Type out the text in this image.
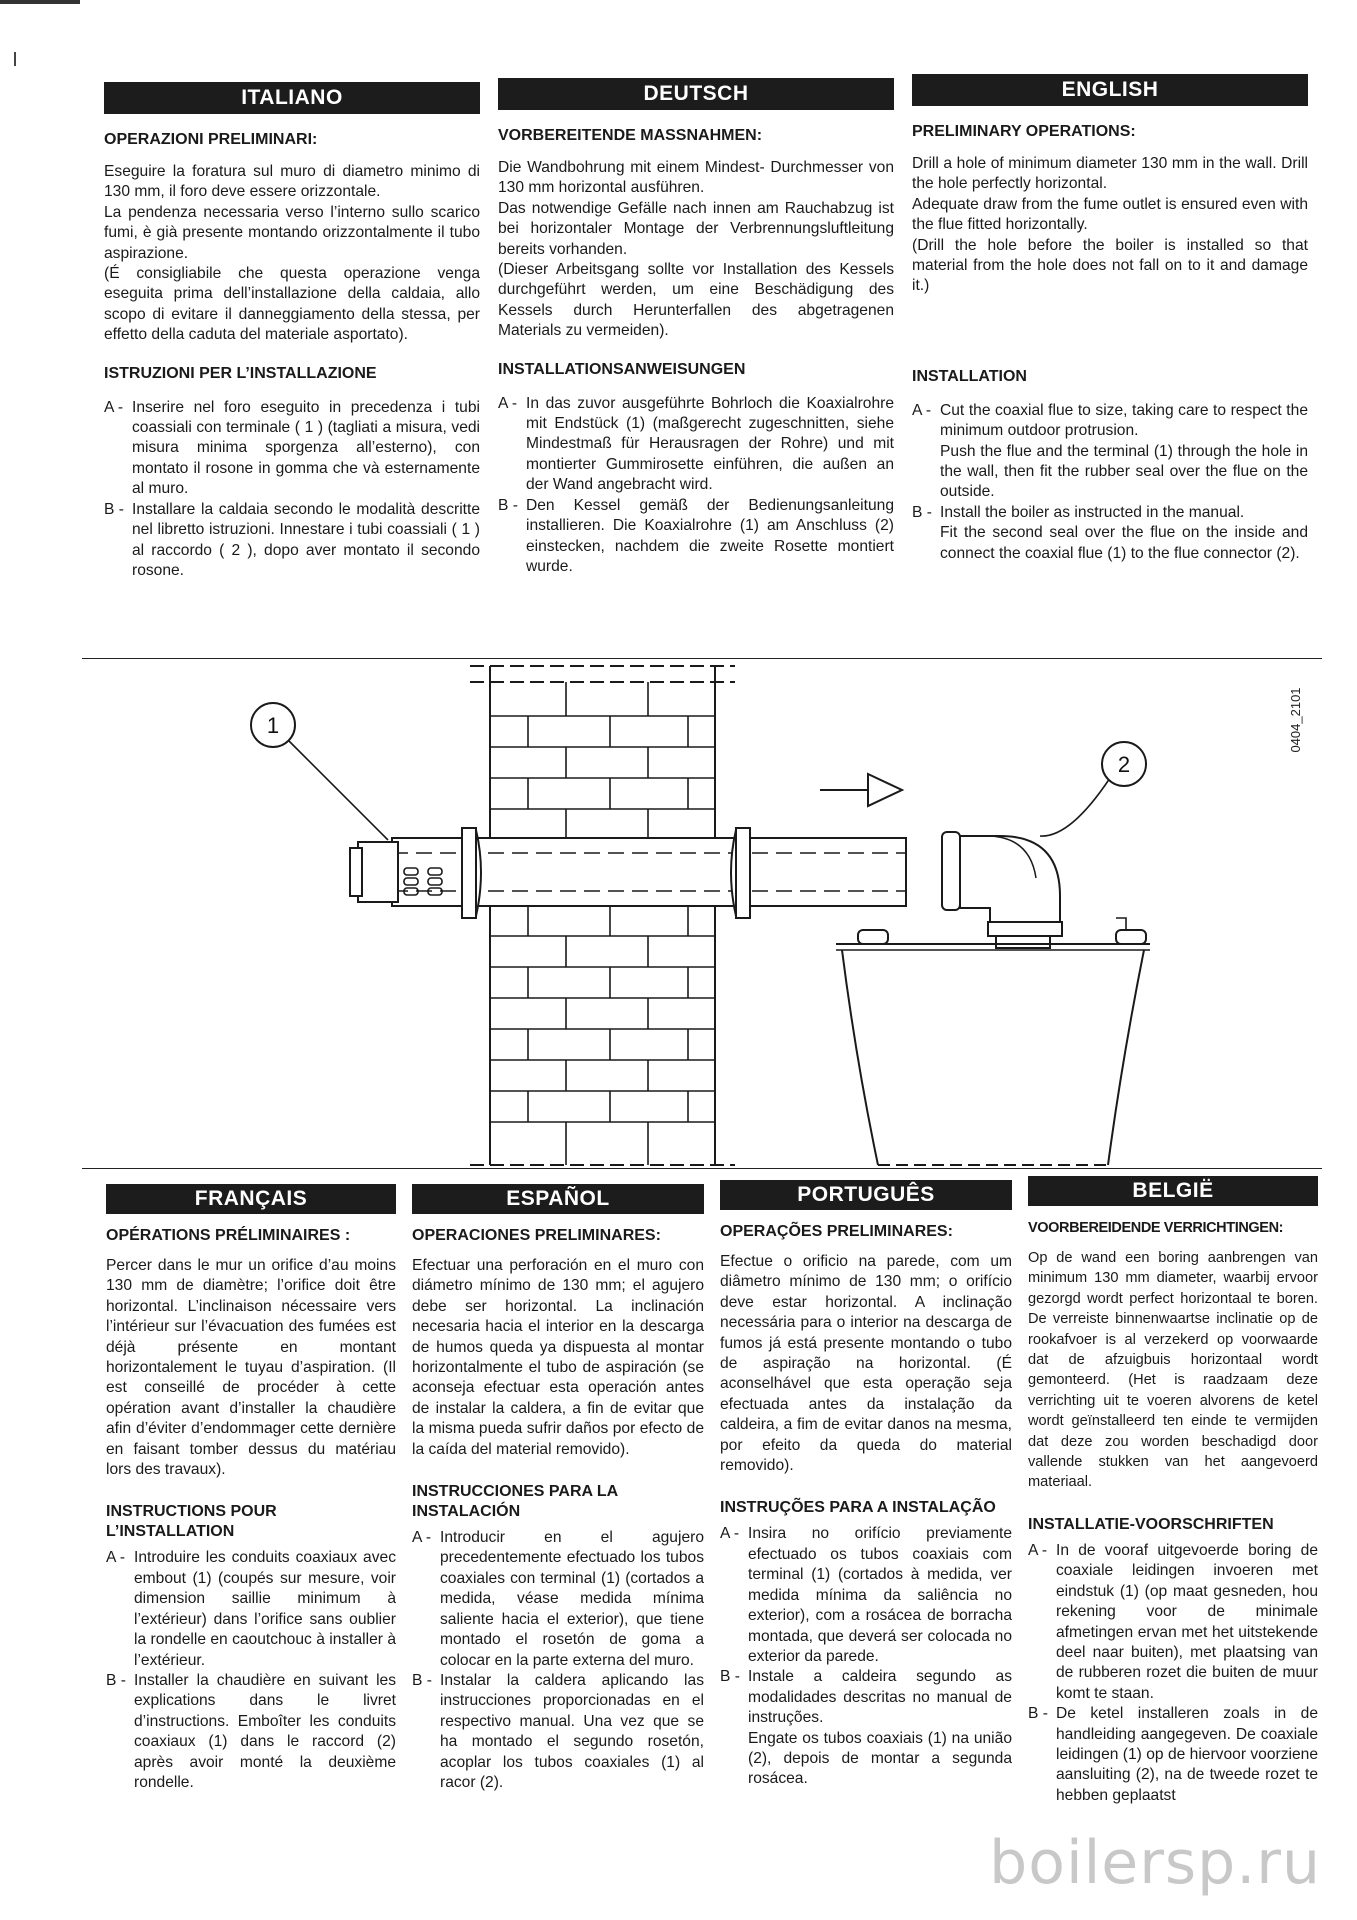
ITALIANO
OPERAZIONI PRELIMINARI:

Eseguire la foratura sul muro di diametro minimo di 130 mm, il foro deve essere orizzontale.
La pendenza necessaria verso l’interno sullo scarico fumi, è già presente montando orizzontalmente il tubo aspirazione.
(É consigliabile che questa operazione venga eseguita prima dell’installazione della caldaia, allo scopo di evitare il danneggiamento della stessa, per effetto della caduta del materiale asportato).

ISTRUZIONI PER L’INSTALLAZIONE
A - Inserire nel foro eseguito in precedenza i tubi coassiali con terminale ( 1 ) (tagliati a misura, vedi misura minima sporgenza all’esterno), con montato il rosone in gomma che và esternamente al muro.
B - Installare la caldaia secondo le modalità descritte nel libretto istruzioni. Innestare i tubi coassiali ( 1 ) al raccordo ( 2 ), dopo aver montato il secondo rosone.
DEUTSCH
VORBEREITENDE MASSNAHMEN:

Die Wandbohrung mit einem Mindest- Durchmesser von 130 mm horizontal ausführen.
Das notwendige Gefälle nach innen am Rauchabzug ist bei horizontaler Montage der Verbrennungsluftleitung bereits vorhanden.
(Dieser Arbeitsgang sollte vor Installation des Kessels durchgeführt werden, um eine Beschädigung des Kessels durch Herunterfallen des abgetragenen Materials zu vermeiden).

INSTALLATIONSANWEISUNGEN
A - In das zuvor ausgeführte Bohrloch die Koaxialrohre mit Endstück (1) (maßgerecht zugeschnitten, siehe Mindestmaß für Herausragen der Rohre) und mit montierter Gummirosette einführen, die außen an der Wand angebracht wird.
B - Den Kessel gemäß der Bedienungsanleitung installieren. Die Koaxialrohre (1) am Anschluss (2) einstecken, nachdem die zweite Rosette montiert wurde.
ENGLISH
PRELIMINARY OPERATIONS:

Drill a hole of minimum diameter 130 mm in the wall. Drill the hole perfectly horizontal.
Adequate draw from the fume outlet is ensured even with the flue fitted horizontally.
(Drill the hole before the boiler is installed so that material from the hole does not fall on to it and damage it.)

INSTALLATION
A - Cut the coaxial flue to size, taking care to respect the minimum outdoor protrusion.
Push the flue and the terminal (1) through the hole in the wall, then fit the rubber seal over the flue on the outside.
B - Install the boiler as instructed in the manual.
Fit the second seal over the flue on the inside and connect the coaxial flue (1) to the flue connector (2).
1
2
0404_2101
FRANÇAIS
OPÉRATIONS PRÉLIMINAIRES :

Percer dans le mur un orifice d’au moins 130 mm de diamètre; l’orifice doit être horizontal. L’inclinaison nécessaire vers l’intérieur sur l’évacuation des fumées est déjà présente en montant horizontalement le tuyau d’aspiration. (Il est conseillé de procéder à cette opération avant d’installer la chaudière afin d’éviter d’endommager cette dernière en faisant tomber dessus du matériau lors des travaux).

INSTRUCTIONS POUR L’INSTALLATION
A - Introduire les conduits coaxiaux avec embout (1) (coupés sur mesure, voir dimension saillie minimum à l’extérieur) dans l’orifice sans oublier la rondelle en caoutchouc à installer à l’extérieur.
B - Installer la chaudière en suivant les explications dans le livret d’instructions. Emboîter les conduits coaxiaux (1) dans le raccord (2) après avoir monté la deuxième rondelle.
ESPAÑOL
OPERACIONES PRELIMINARES:

Efectuar una perforación en el muro con diámetro mínimo de 130 mm; el agujero debe ser horizontal. La inclinación necesaria hacia el interior en la descarga de humos queda ya dispuesta al montar horizontalmente el tubo de aspiración (se aconseja efectuar esta operación antes de instalar la caldera, a fin de evitar que la misma pueda sufrir daños por efecto de la caída del material removido).

INSTRUCCIONES PARA LA INSTALACIÓN
A - Introducir en el agujero precedentemente efectuado los tubos coaxiales con terminal (1) (cortados a medida, véase medida mínima saliente hacia el exterior), que tiene montado el rosetón de goma a colocar en la parte externa del muro.
B - Instalar la caldera aplicando las instrucciones proporcionadas en el respectivo manual. Una vez que se ha montado el segundo rosetón, acoplar los tubos coaxiales (1) al racor (2).
PORTUGUÊS
OPERAÇÕES PRELIMINARES:

Efectue o orificio na parede, com um diâmetro mínimo de 130 mm; o orifício deve estar horizontal. A inclinação necessária para o interior na descarga de fumos já está presente montando o tubo de aspiração na horizontal. (É aconselhável que esta operação seja efectuada antes da instalação da caldeira, a fim de evitar danos na mesma, por efeito da queda do material removido).

INSTRUÇÕES PARA A INSTALAÇÃO
A - Insira no orifício previamente efectuado os tubos coaxiais com terminal (1) (cortados à medida, ver medida mínima da saliência no exterior), com a rosácea de borracha montada, que deverá ser colocada no exterior da parede.
B - Instale a caldeira segundo as modalidades descritas no manual de instruções.
Engate os tubos coaxiais (1) na união (2), depois de montar a segunda rosácea.
BELGIË
VOORBEREIDENDE VERRICHTINGEN:

Op de wand een boring aanbrengen van minimum 130 mm diameter, waarbij ervoor gezorgd wordt perfect horizontaal te boren. De verreiste binnenwaartse inclinatie op de rookafvoer is al verzekerd op voorwaarde dat de afzuigbuis horizontaal wordt gemonteerd. (Het is raadzaam deze verrichting uit te voeren alvorens de ketel wordt geïnstalleerd ten einde te vermijden dat deze zou worden beschadigd door vallende stukken van het aangevoerd materiaal.

INSTALLATIE-VOORSCHRIFTEN
A - In de vooraf uitgevoerde boring de coaxiale leidingen invoeren met eindstuk (1) (op maat gesneden, hou rekening voor de minimale afmetingen ervan met het uitstekende deel naar buiten), met plaatsing van de rubberen rozet die buiten de muur komt te staan.
B - De ketel installeren zoals in de handleiding aangegeven. De coaxiale leidingen (1) op de hiervoor voorziene aansluiting (2), na de tweede rozet te hebben geplaatst
boilersp.ru
